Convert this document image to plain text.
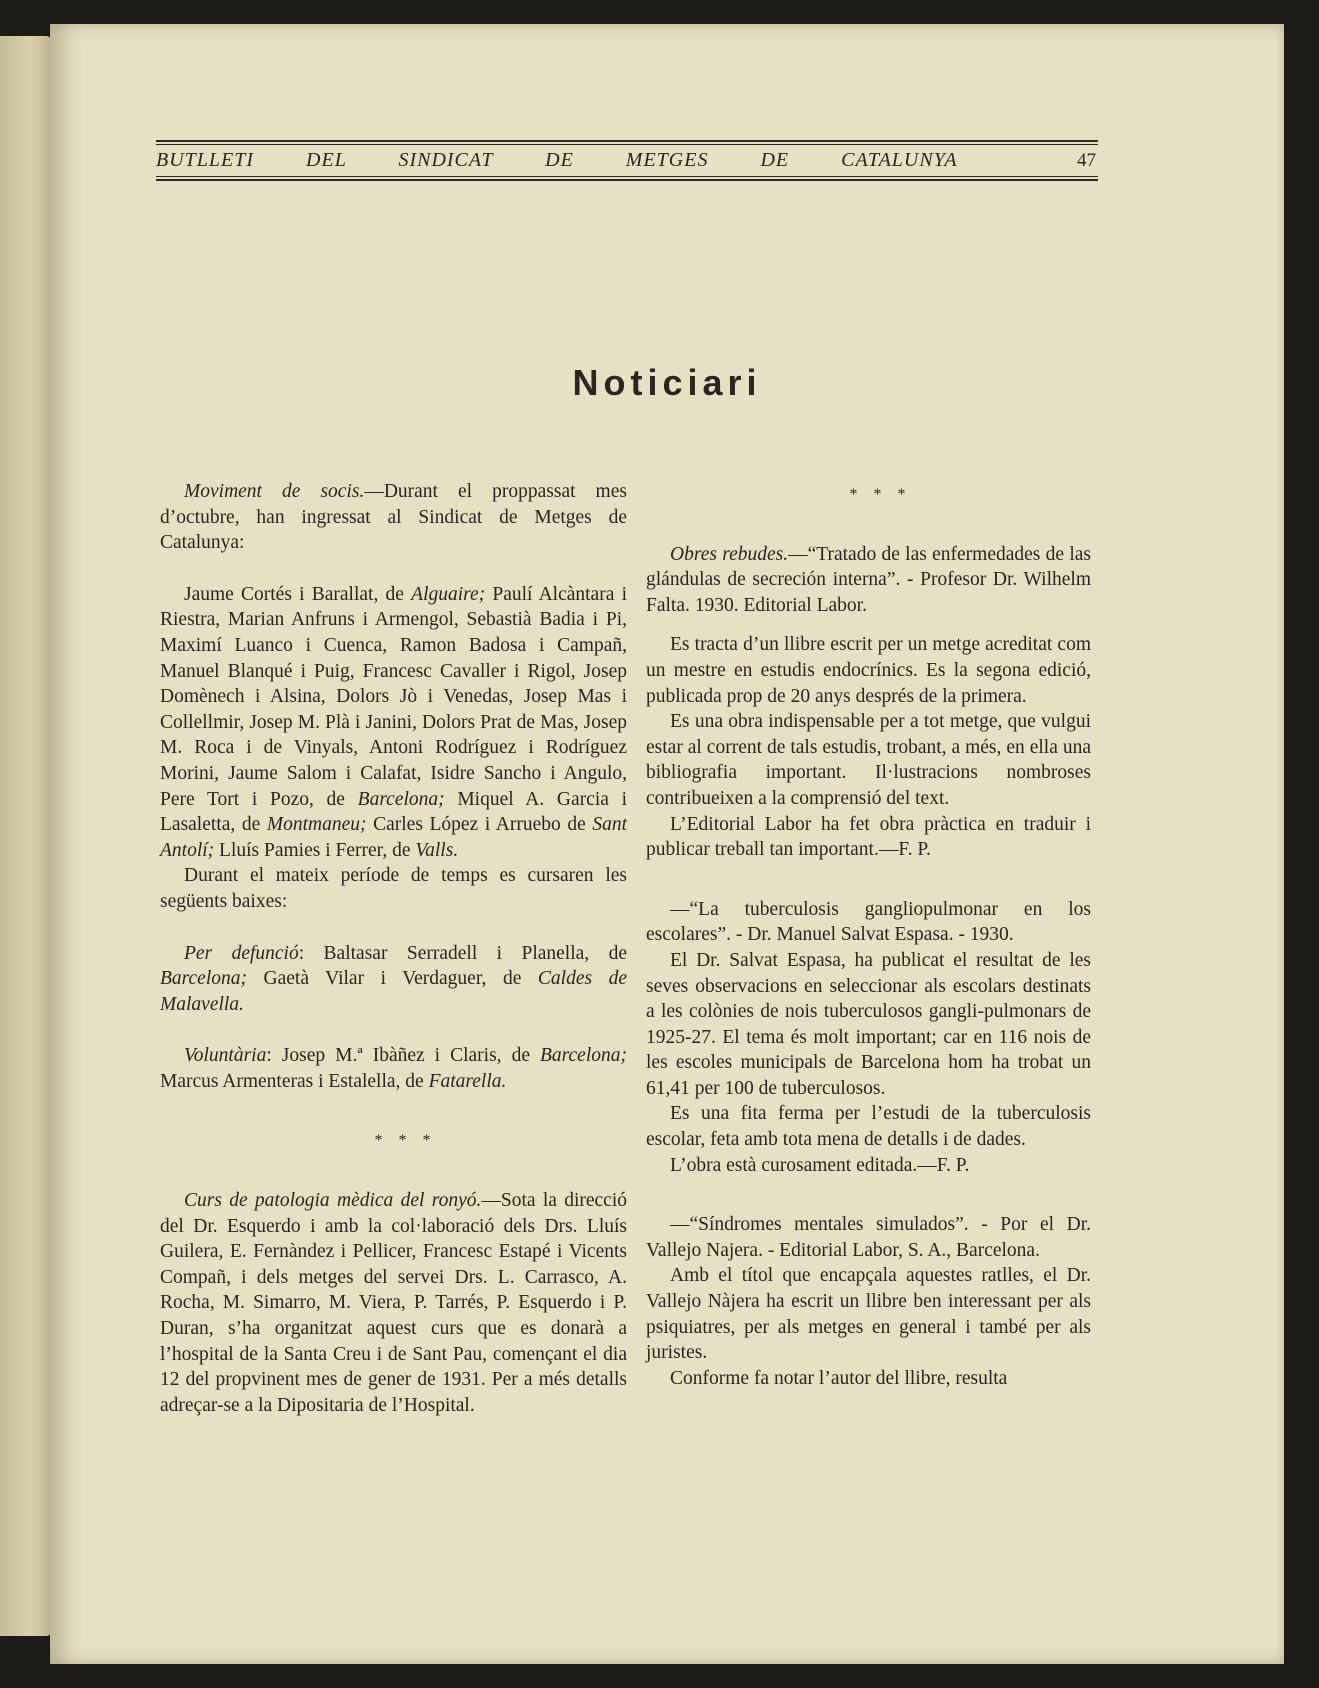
BUTLLETI  DEL  SINDICAT  DE  METGES  DE  CATALUNYA	47
Noticiari

Moviment de socis.—Durant el proppassat mes d’octubre, han ingressat al Sindicat de Metges de Catalunya:

Jaume Cortés i Barallat, de Alguaire; Paulí Alcàntara i Riestra, Marian Anfruns i Armengol, Sebastià Badia i Pi, Maximí Luanco i Cuenca, Ramon Badosa i Campañ, Manuel Blanqué i Puig, Francesc Cavaller i Rigol, Josep Domènech i Alsina, Dolors Jò i Venedas, Josep Mas i Collellmir, Josep M. Plà i Janini, Dolors Prat de Mas, Josep M. Roca i de Vinyals, Antoni Rodríguez i Rodríguez Morini, Jaume Salom i Calafat, Isidre Sancho i Angulo, Pere Tort i Pozo, de Barcelona; Miquel A. Garcia i Lasaletta, de Montmaneu; Carles López i Arruebo de Sant Antolí; Lluís Pamies i Ferrer, de Valls.

Durant el mateix període de temps es cursaren les següents baixes:

Per defunció: Baltasar Serradell i Planella, de Barcelona; Gaetà Vilar i Verdaguer, de Caldes de Malavella.

Voluntària: Josep M.ª Ibàñez i Claris, de Barcelona; Marcus Armenteras i Estalella, de Fatarella.

* * *

Curs de patologia mèdica del ronyó.—Sota la direcció del Dr. Esquerdo i amb la col·laboració dels Drs. Lluís Guilera, E. Fernàndez i Pellicer, Francesc Estapé i Vicents Compañ, i dels metges del servei Drs. L. Carrasco, A. Rocha, M. Simarro, M. Viera, P. Tarrés, P. Esquerdo i P. Duran, s’ha organitzat aquest curs que es donarà a l’hospital de la Santa Creu i de Sant Pau, començant el dia 12 del propvinent mes de gener de 1931. Per a més detalls adreçar-se a la Dipositaria de l’Hospital.

* * *

Obres rebudes.—“Tratado de las enfermedades de las glándulas de secreción interna”. - Profesor Dr. Wilhelm Falta. 1930. Editorial Labor.

Es tracta d’un llibre escrit per un metge acreditat com un mestre en estudis endocrínics. Es la segona edició, publicada prop de 20 anys després de la primera.

Es una obra indispensable per a tot metge, que vulgui estar al corrent de tals estudis, trobant, a més, en ella una bibliografia important. Il·lustracions nombroses contribueixen a la comprensió del text.

L’Editorial Labor ha fet obra pràctica en traduir i publicar treball tan important.—F. P.

—“La tuberculosis gangliopulmonar en los escolares”. - Dr. Manuel Salvat Espasa. - 1930.

El Dr. Salvat Espasa, ha publicat el resultat de les seves observacions en seleccionar als escolars destinats a les colònies de nois tuberculosos gangli-pulmonars de 1925-27. El tema és molt important; car en 116 nois de les escoles municipals de Barcelona hom ha trobat un 61,41 per 100 de tuberculosos.

Es una fita ferma per l’estudi de la tuberculosis escolar, feta amb tota mena de detalls i de dades.

L’obra està curosament editada.—F. P.

—“Síndromes mentales simulados”. - Por el Dr. Vallejo Najera. - Editorial Labor, S. A., Barcelona.

Amb el títol que encapçala aquestes ratlles, el Dr. Vallejo Nàjera ha escrit un llibre ben interessant per als psiquiatres, per als metges en general i també per als juristes.

Conforme fa notar l’autor del llibre, resulta
